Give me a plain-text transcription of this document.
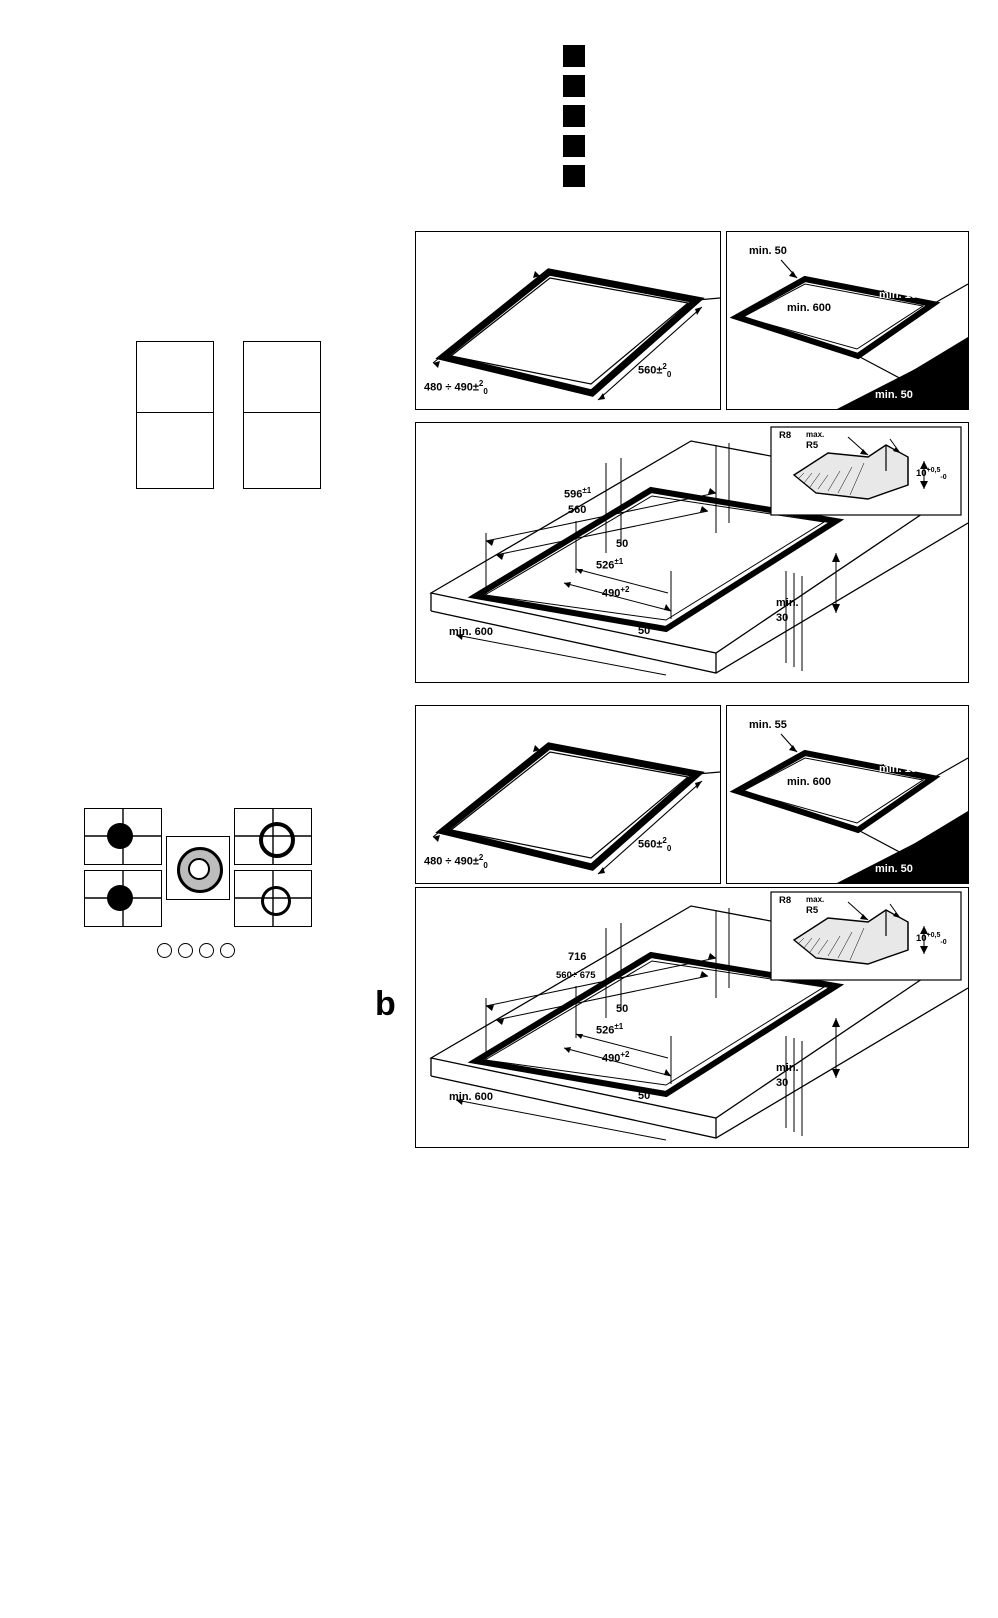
b
480 ÷ 490±$^2_0$
560±$^2_0$
min. 50
min. 100
min. 600
min. 50
$596^{\pm 1}$
560
50
$526^{\pm 1}$
$490^{+2}$
50
min. 600
min.
30
R8 max.
R5
$10^{+0,5}_{-0}$
480 ÷ 490±$^2_0$
560±$^2_0$
min. 55
min. 150
min. 600
min. 50
716
560÷ 675
50
$526^{\pm 1}$
$490^{+2}$
50
min. 600
min.
30
R8 max.
R5
$10^{+0,5}_{-0}$
